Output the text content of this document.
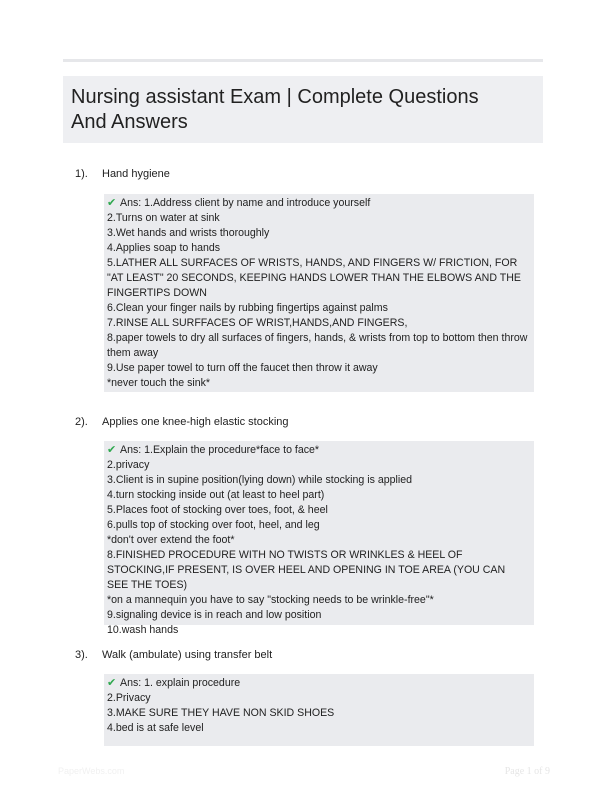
Nursing assistant Exam | Complete Questions
And Answers
1). Hand hygiene
✔ Ans: 1.Address client by name and introduce yourself
2.Turns on water at sink
3.Wet hands and wrists thoroughly
4.Applies soap to hands
5.LATHER ALL SURFACES OF WRISTS, HANDS, AND FINGERS W/ FRICTION, FOR "AT LEAST" 20 SECONDS, KEEPING HANDS LOWER THAN THE ELBOWS AND THE FINGERTIPS DOWN
6.Clean your finger nails by rubbing fingertips against palms
7.RINSE ALL SURFFACES OF WRIST,HANDS,AND FINGERS,
8.paper towels to dry all surfaces of fingers, hands, & wrists from top to bottom then throw them away
9.Use paper towel to turn off the faucet then throw it away
*never touch the sink*
2). Applies one knee-high elastic stocking
✔ Ans: 1.Explain the procedure*face to face*
2.privacy
3.Client is in supine position(lying down) while stocking is applied
4.turn stocking inside out (at least to heel part)
5.Places foot of stocking over toes, foot, & heel
6.pulls top of stocking over foot, heel, and leg
*don't over extend the foot*
8.FINISHED PROCEDURE WITH NO TWISTS OR WRINKLES & HEEL OF STOCKING,IF PRESENT, IS OVER HEEL AND OPENING IN TOE AREA (YOU CAN SEE THE TOES)
*on a mannequin you have to say "stocking needs to be wrinkle-free"*
9.signaling device is in reach and low position
10.wash hands
3). Walk (ambulate) using transfer belt
✔ Ans: 1. explain procedure
2.Privacy
3.MAKE SURE THEY HAVE NON SKID SHOES
4.bed is at safe level
PaperWebs.com	Page 1 of 9
